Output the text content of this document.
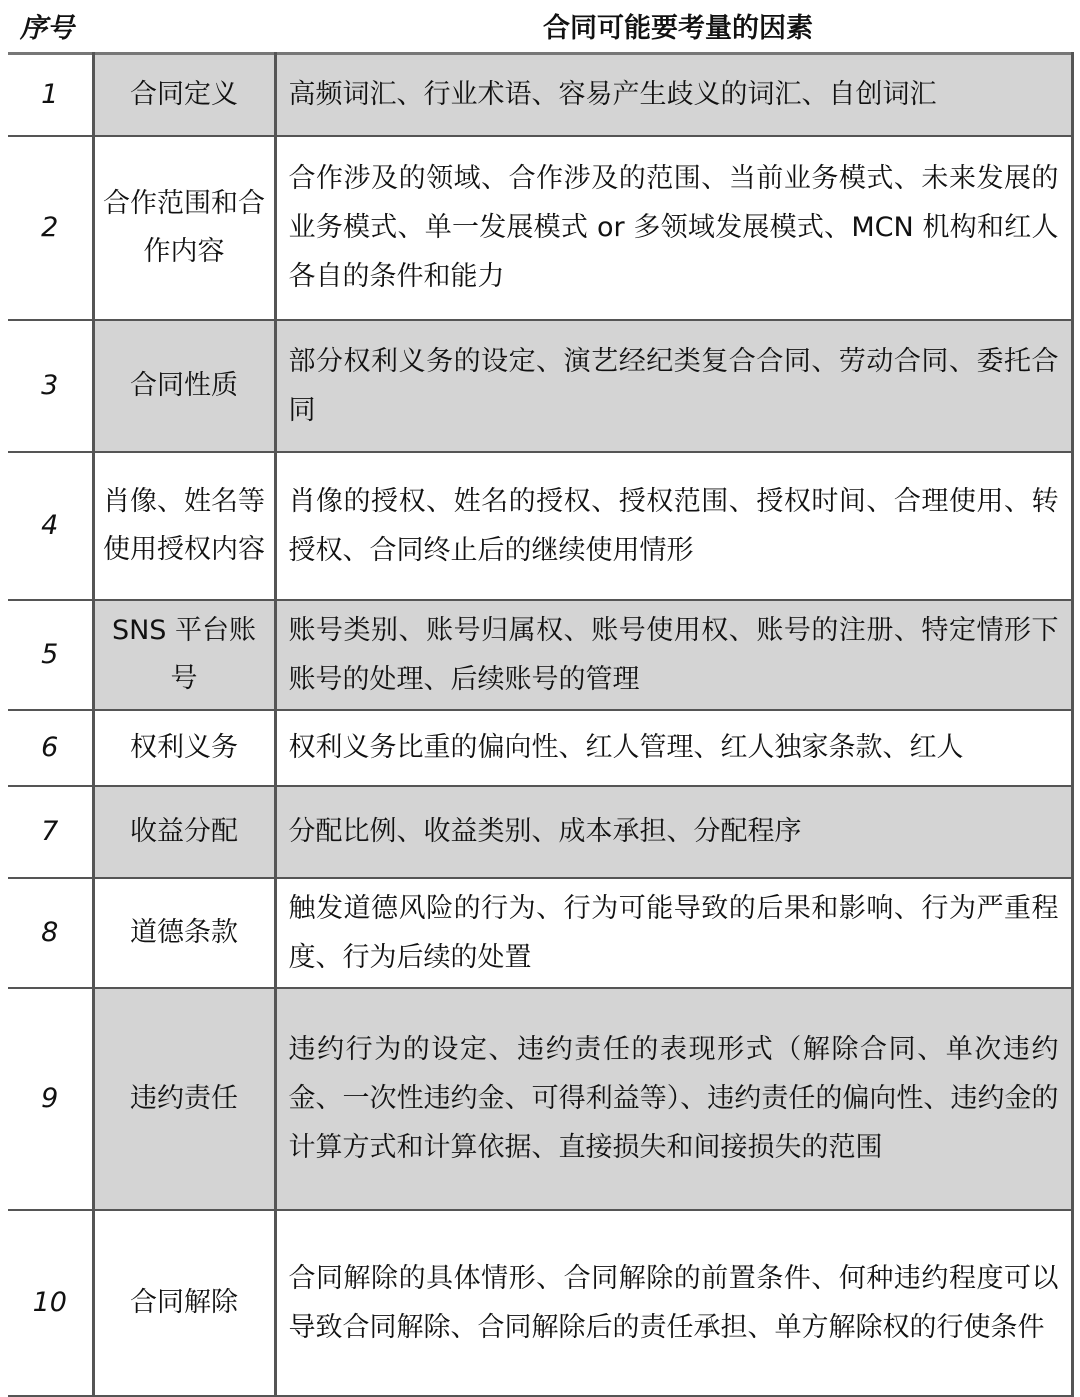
序号	合同可能要考量的因素
1	合同定义	高频词汇、行业术语、容易产生歧义的词汇、自创词汇
2	合作范围和合作内容	合作涉及的领域、合作涉及的范围、当前业务模式、未来发展的业务模式、单一发展模式 or 多领域发展模式、MCN 机构和红人各自的条件和能力
3	合同性质	部分权利义务的设定、演艺经纪类复合合同、劳动合同、委托合同
4	肖像、姓名等使用授权内容	肖像的授权、姓名的授权、授权范围、授权时间、合理使用、转授权、合同终止后的继续使用情形
5	SNS 平台账号	账号类别、账号归属权、账号使用权、账号的注册、特定情形下账号的处理、后续账号的管理
6	权利义务	权利义务比重的偏向性、红人管理、红人独家条款、红人
7	收益分配	分配比例、收益类别、成本承担、分配程序
8	道德条款	触发道德风险的行为、行为可能导致的后果和影响、行为严重程度、行为后续的处置
9	违约责任	违约行为的设定、违约责任的表现形式（解除合同、单次违约金、一次性违约金、可得利益等）、违约责任的偏向性、违约金的计算方式和计算依据、直接损失和间接损失的范围
10	合同解除	合同解除的具体情形、合同解除的前置条件、何种违约程度可以导致合同解除、合同解除后的责任承担、单方解除权的行使条件
